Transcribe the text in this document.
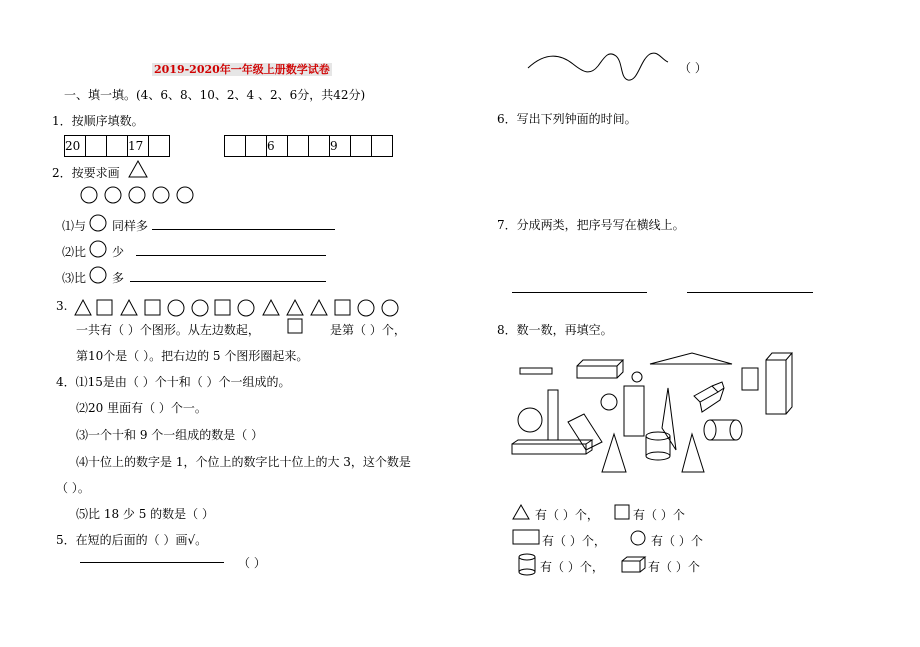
2019-2020年一年级上册数学试卷
一、填一填。(4、6、8、10、2、4 、2、6分，共42分)
1．按顺序填数。
20			17	
			6			9		
2．按要求画
⑴与 同样多
⑵比 少
⑶比 多
3.
一共有（ ）个图形。从左边数起，	是第（ ）个，
第10个是（ ）。把右边的 5 个图形圈起来。
4．⑴15是由（ ）个十和（ ）个一组成的。
⑵20 里面有（ ）个一。
⑶一个十和 9 个一组成的数是（ ）
⑷十位上的数字是 1，个位上的数字比十位上的大 3，这个数是
（ ）。
⑸比 18 少 5 的数是（ ）
5．在短的后面的（ ）画√。
（ ）
（ ）
6．写出下列钟面的时间。
7．分成两类，把序号写在横线上。
8．数一数，再填空。
有（ ）个，	有（ ）个
有（ ）个，	有（ ）个
有（ ）个，	有（ ）个
